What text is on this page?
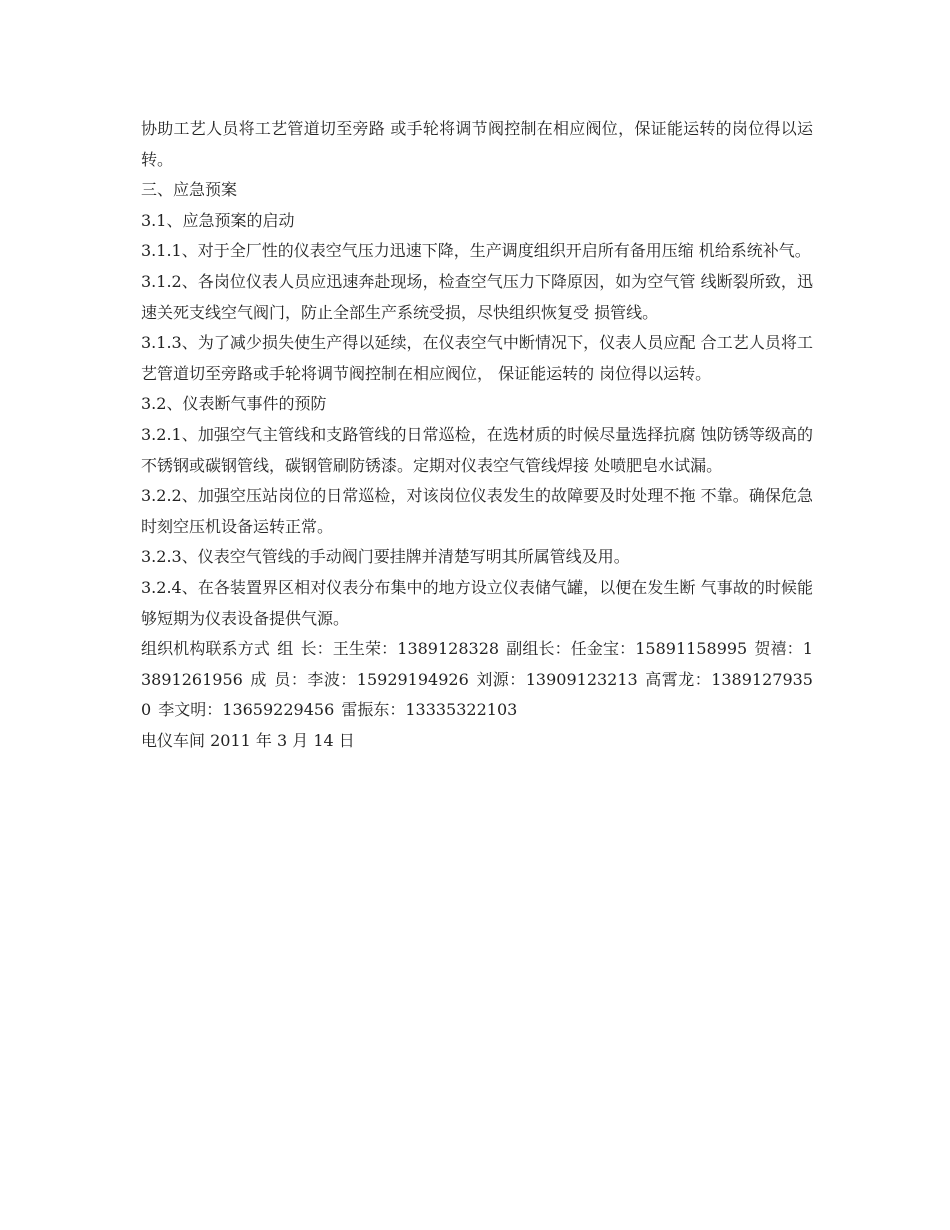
协助工艺人员将工艺管道切至旁路 或手轮将调节阀控制在相应阀位，保证能运转的岗位得以运转。

三、应急预案

3.1、应急预案的启动

3.1.1、对于全厂性的仪表空气压力迅速下降，生产调度组织开启所有备用压缩 机给系统补气。

3.1.2、各岗位仪表人员应迅速奔赴现场，检查空气压力下降原因，如为空气管 线断裂所致，迅速关死支线空气阀门，防止全部生产系统受损，尽快组织恢复受 损管线。

3.1.3、为了减少损失使生产得以延续，在仪表空气中断情况下，仪表人员应配 合工艺人员将工艺管道切至旁路或手轮将调节阀控制在相应阀位， 保证能运转的 岗位得以运转。

3.2、仪表断气事件的预防

3.2.1、加强空气主管线和支路管线的日常巡检，在选材质的时候尽量选择抗腐 蚀防锈等级高的不锈钢或碳钢管线，碳钢管刷防锈漆。定期对仪表空气管线焊接 处喷肥皂水试漏。

3.2.2、加强空压站岗位的日常巡检，对该岗位仪表发生的故障要及时处理不拖 不靠。确保危急时刻空压机设备运转正常。

3.2.3、仪表空气管线的手动阀门要挂牌并清楚写明其所属管线及用。

3.2.4、在各装置界区相对仪表分布集中的地方设立仪表储气罐，以便在发生断 气事故的时候能够短期为仪表设备提供气源。

组织机构联系方式 组 长：王生荣：1389128328 副组长：任金宝：15891158995 贺禧：13891261956 成 员：李波：15929194926 刘源：13909123213 高霄龙：13891279350 李文明：13659229456 雷振东：13335322103

电仪车间 2011 年 3 月 14 日
